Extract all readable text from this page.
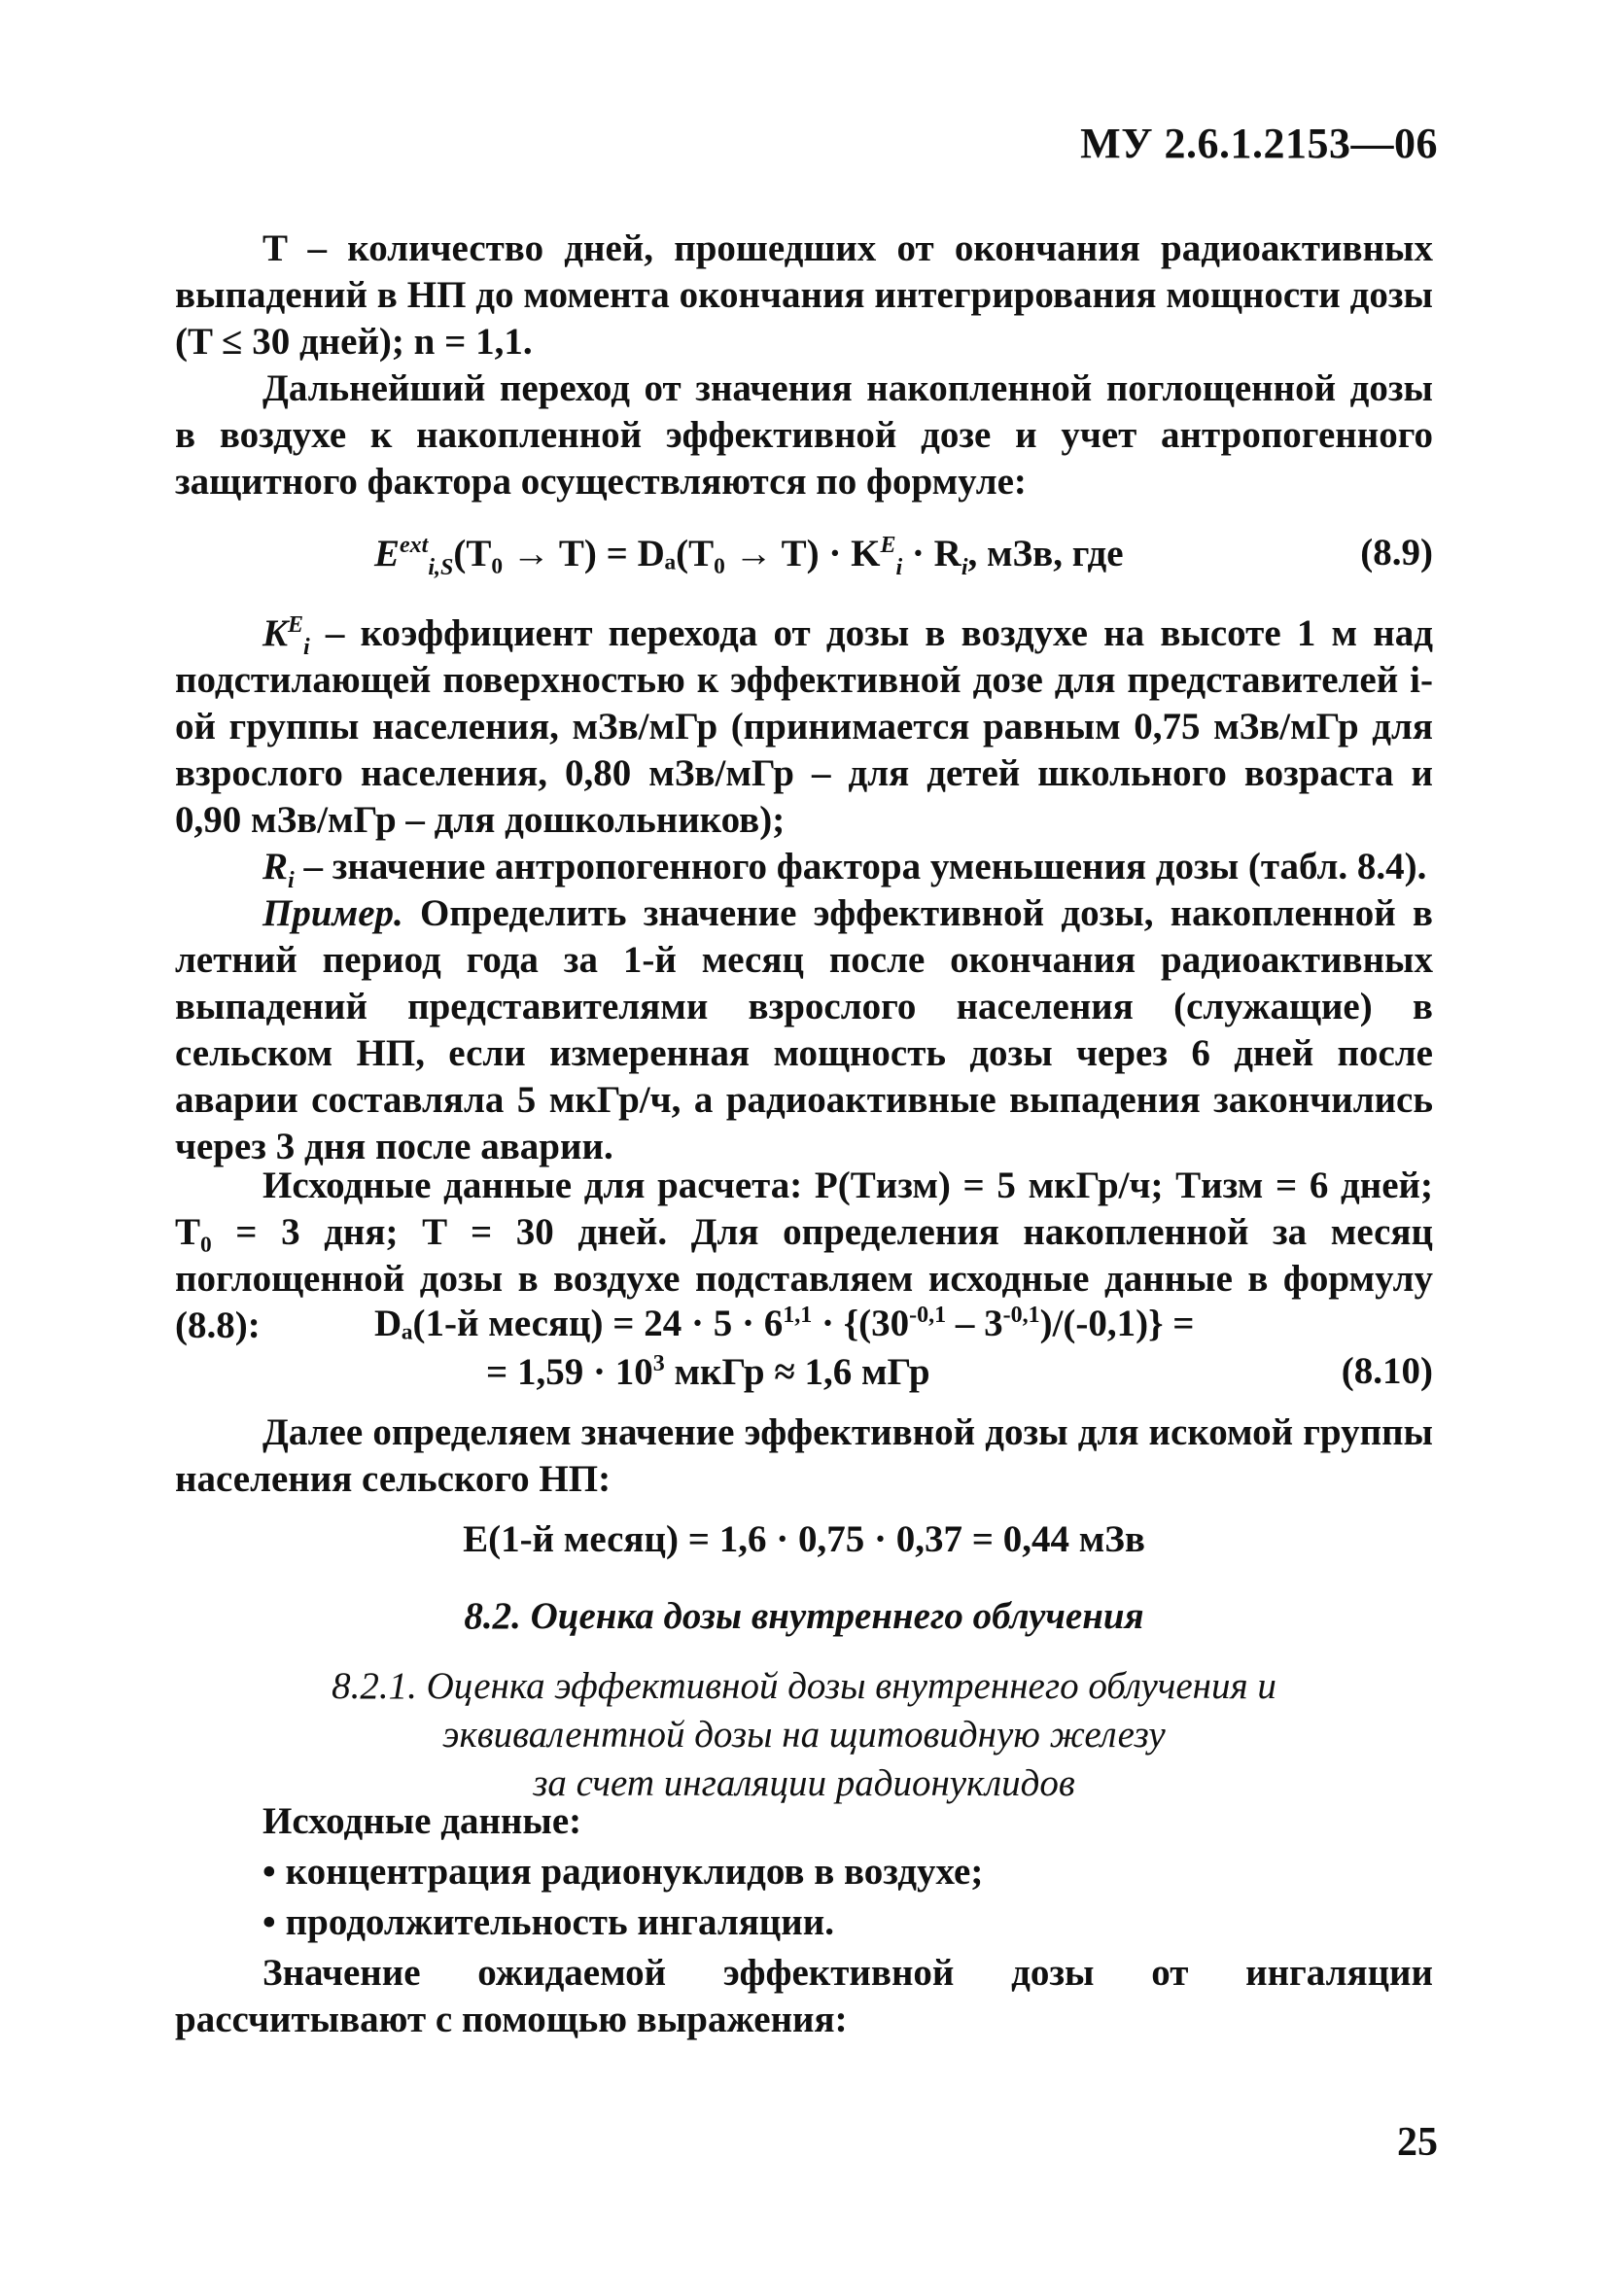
МУ 2.6.1.2153—06
T – количество дней, прошедших от окончания радиоактивных выпадений в НП до момента окончания интегрирования мощности дозы (T ≤ 30 дней); n = 1,1.
Дальнейший переход от значения накопленной поглощенной дозы в воздухе к накопленной эффективной дозе и учет антропогенного защитного фактора осуществляются по формуле:
$E^{ext}_{i,S}(T_0 \to T) = D_a(T_0 \to T) \cdot K^E_i \cdot R_i$, мЗв, где	(8.9)
$K^E_i$ – коэффициент перехода от дозы в воздухе на высоте 1 м над подстилающей поверхностью к эффективной дозе для представителей i-ой группы населения, мЗв/мГр (принимается равным 0,75 мЗв/мГр для взрослого населения, 0,80 мЗв/мГр – для детей школьного возраста и 0,90 мЗв/мГр – для дошкольников);
$R_i$ – значение антропогенного фактора уменьшения дозы (табл. 8.4).
Пример. Определить значение эффективной дозы, накопленной в летний период года за 1-й месяц после окончания радиоактивных выпадений представителями взрослого населения (служащие) в сельском НП, если измеренная мощность дозы через 6 дней после аварии составляла 5 мкГр/ч, а радиоактивные выпадения закончились через 3 дня после аварии.
Исходные данные для расчета: P(Tизм) = 5 мкГр/ч; Tизм = 6 дней; T₀ = 3 дня; T = 30 дней. Для определения накопленной за месяц поглощенной дозы в воздухе подставляем исходные данные в формулу (8.8):	Dₐ(1-й месяц) = $24 \cdot 5 \cdot 6^{1,1} \cdot \{(30^{-0,1} - 3^{-0,1})/(-0,1)\}$ =
= $1,59 \cdot 10^3$ мкГр ≈ 1,6 мГр	(8.10)
Далее определяем значение эффективной дозы для искомой группы населения сельского НП:
E(1-й месяц) = 1,6 · 0,75 · 0,37 = 0,44 мЗв
8.2. Оценка дозы внутреннего облучения
8.2.1. Оценка эффективной дозы внутреннего облучения и
эквивалентной дозы на щитовидную железу
за счет ингаляции радионуклидов
Исходные данные:
• концентрация радионуклидов в воздухе;
• продолжительность ингаляции.
Значение ожидаемой эффективной дозы от ингаляции рассчитывают с помощью выражения:
25
